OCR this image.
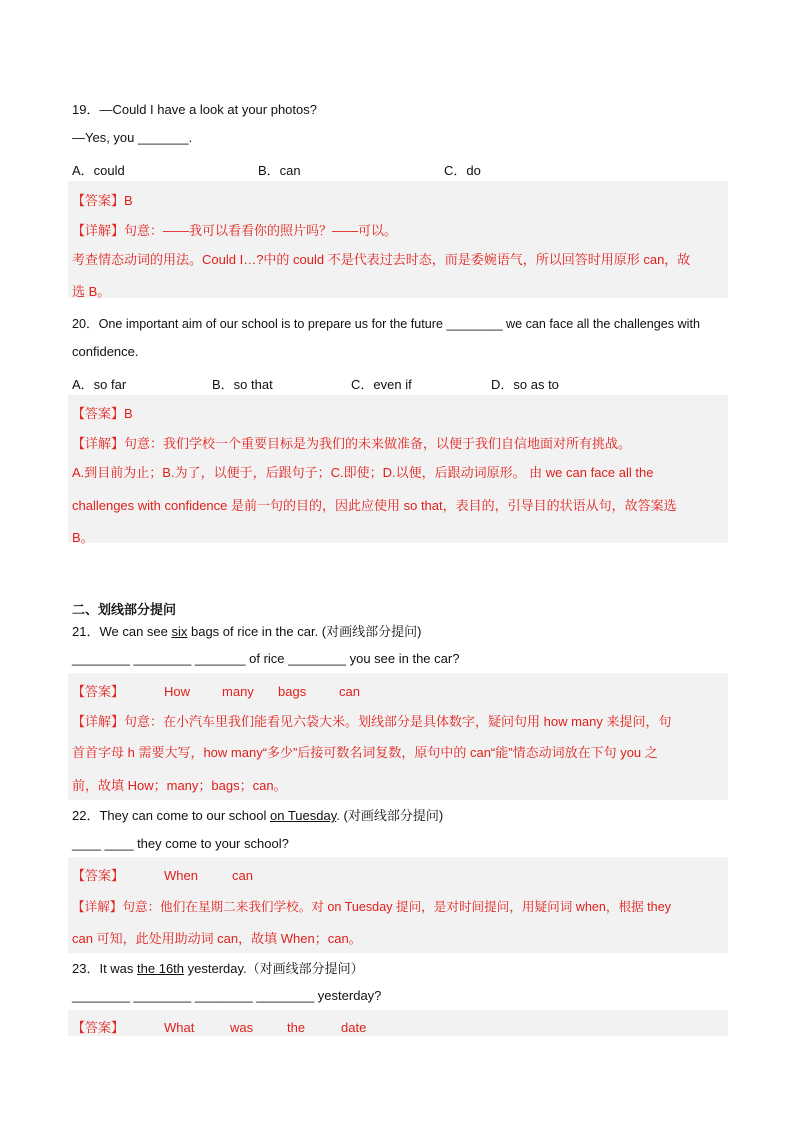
19．—Could I have a look at your photos?
—Yes, you _______.
A．could	B．can	C．do
【答案】B
【详解】句意：——我可以看看你的照片吗？——可以。
考查情态动词的用法。Could I…?中的 could 不是代表过去时态，而是委婉语气，所以回答时用原形 can，故
选 B。
20．One important aim of our school is to prepare us for the future ________ we can face all the challenges with
confidence.
A．so far	B．so that	C．even if	D．so as to
【答案】B
【详解】句意：我们学校一个重要目标是为我们的未来做准备，以便于我们自信地面对所有挑战。
A.到目前为止；B.为了，以便于，后跟句子；C.即使；D.以便，后跟动词原形。 由 we can face all the
challenges with confidence 是前一句的目的，因此应使用 so that，表目的，引导目的状语从句，故答案选
B。
二、划线部分提问
21．We can see six bags of rice in the car. (对画线部分提问)
________ ________ _______ of rice ________ you see in the car?
【答案】	How many bags	can
【详解】句意：在小汽车里我们能看见六袋大米。划线部分是具体数字，疑问句用 how many 来提问，句
首首字母 h 需要大写，how many“多少”后接可数名词复数，原句中的 can“能”情态动词放在下句 you 之
前，故填 How；many；bags；can。
22．They can come to our school on Tuesday. (对画线部分提问)
____ ____ they come to your school?
【答案】	When	can
【详解】句意：他们在星期二来我们学校。对 on Tuesday 提问，是对时间提问，用疑问词 when，根据 they
can 可知，此处用助动词 can，故填 When；can。
23．It was the 16th yesterday.（对画线部分提问）
________ ________ ________ ________ yesterday?
【答案】	What	was	the	date
